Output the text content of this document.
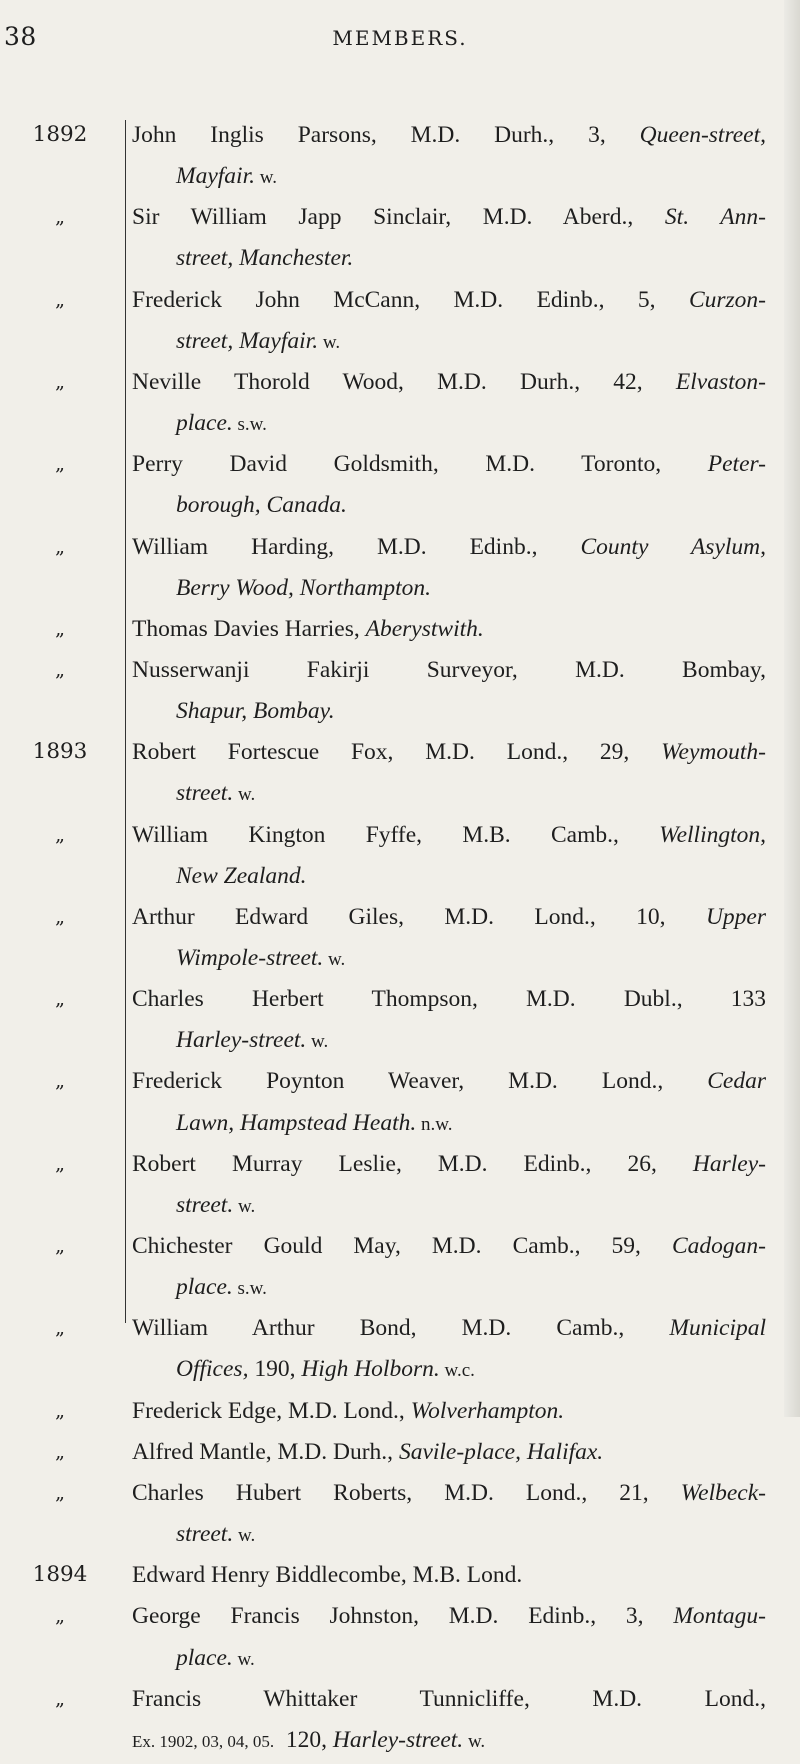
38	MEMBERS.
1892
„
„
„
„
„
„
„
1893
„
„
„
„
„
„
„
„
„
„
1894
„
„
John Inglis Parsons, M.D. Durh., 3, Queen-street,
Mayfair. w.
Sir William Japp Sinclair, M.D. Aberd., St. Ann-
street, Manchester.
Frederick John McCann, M.D. Edinb., 5, Curzon-
street, Mayfair. w.
Neville Thorold Wood, M.D. Durh., 42, Elvaston-
place. s.w.
Perry David Goldsmith, M.D. Toronto, Peter-
borough, Canada.
William Harding, M.D. Edinb., County Asylum,
Berry Wood, Northampton.
Thomas Davies Harries, Aberystwith.
Nusserwanji Fakirji Surveyor, M.D. Bombay,
Shapur, Bombay.
Robert Fortescue Fox, M.D. Lond., 29, Weymouth-
street. w.
William Kington Fyffe, M.B. Camb., Wellington,
New Zealand.
Arthur Edward Giles, M.D. Lond., 10, Upper
Wimpole-street. w.
Charles Herbert Thompson, M.D. Dubl., 133
Harley-street. w.
Frederick Poynton Weaver, M.D. Lond., Cedar
Lawn, Hampstead Heath. n.w.
Robert Murray Leslie, M.D. Edinb., 26, Harley-
street. w.
Chichester Gould May, M.D. Camb., 59, Cadogan-
place. s.w.
William Arthur Bond, M.D. Camb., Municipal
Offices, 190, High Holborn. w.c.
Frederick Edge, M.D. Lond., Wolverhampton.
Alfred Mantle, M.D. Durh., Savile-place, Halifax.
Charles Hubert Roberts, M.D. Lond., 21, Welbeck-
street. w.
Edward Henry Biddlecombe, M.B. Lond.
George Francis Johnston, M.D. Edinb., 3, Montagu-
place. w.
Francis Whittaker Tunnicliffe, M.D. Lond.,
Ex. 1902, 03, 04, 05.  120, Harley-street. w.
